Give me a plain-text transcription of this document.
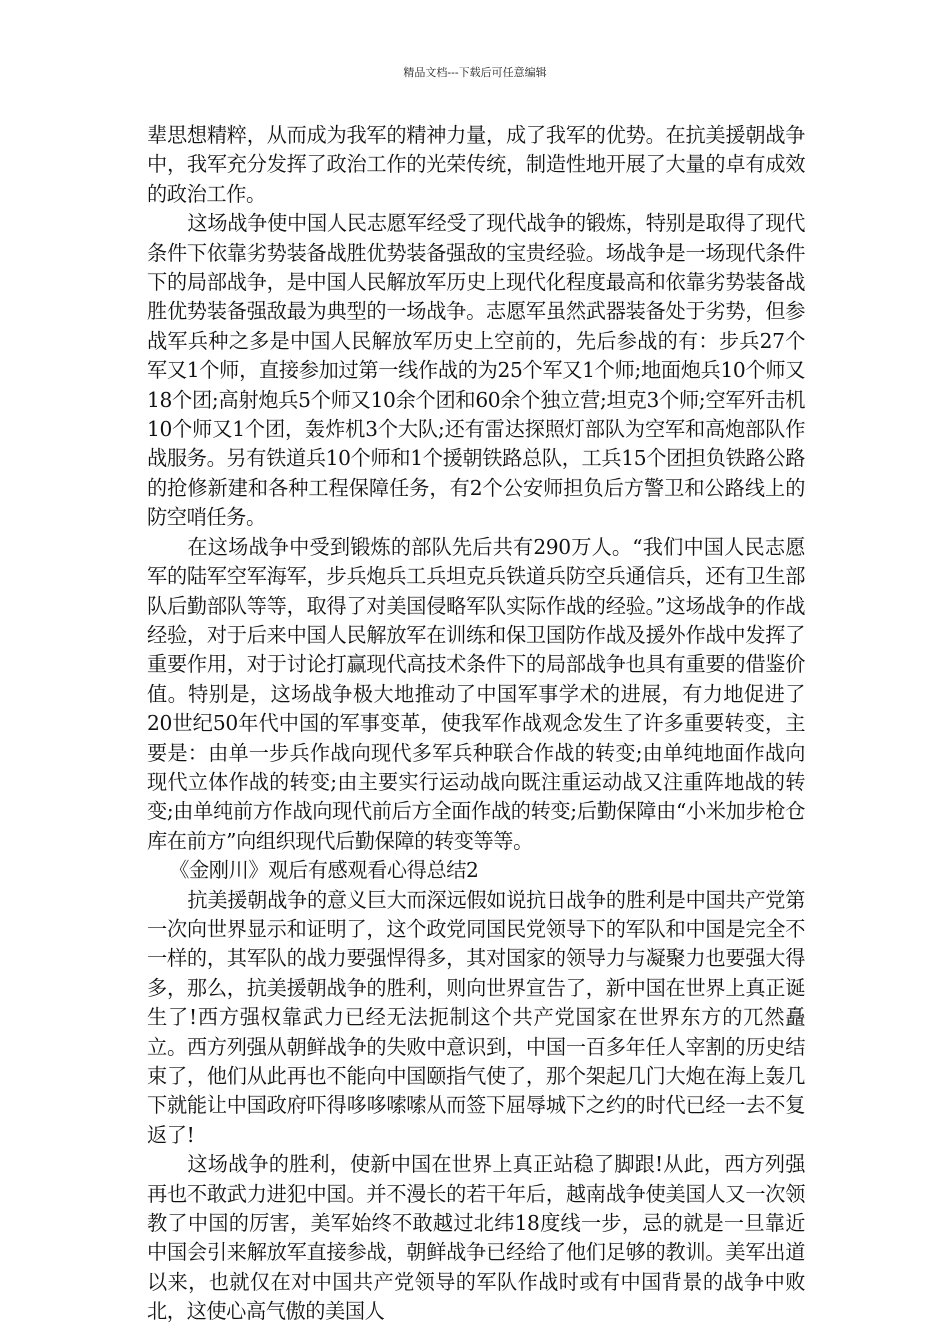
精品文档---下载后可任意编辑

辈思想精粹，从而成为我军的精神力量，成了我军的优势。在抗美援朝战争中，我军充分发挥了政治工作的光荣传统，制造性地开展了大量的卓有成效的政治工作。

这场战争使中国人民志愿军经受了现代战争的锻炼，特别是取得了现代条件下依靠劣势装备战胜优势装备强敌的宝贵经验。场战争是一场现代条件下的局部战争，是中国人民解放军历史上现代化程度最高和依靠劣势装备战胜优势装备强敌最为典型的一场战争。志愿军虽然武器装备处于劣势，但参战军兵种之多是中国人民解放军历史上空前的，先后参战的有：步兵27个军又1个师，直接参加过第一线作战的为25个军又1个师;地面炮兵10个师又18个团;高射炮兵5个师又10余个团和60余个独立营;坦克3个师;空军歼击机10个师又1个团，轰炸机3个大队;还有雷达探照灯部队为空军和高炮部队作战服务。另有铁道兵10个师和1个援朝铁路总队，工兵15个团担负铁路公路的抢修新建和各种工程保障任务，有2个公安师担负后方警卫和公路线上的防空哨任务。

在这场战争中受到锻炼的部队先后共有290万人。“我们中国人民志愿军的陆军空军海军，步兵炮兵工兵坦克兵铁道兵防空兵通信兵，还有卫生部队后勤部队等等，取得了对美国侵略军队实际作战的经验。”这场战争的作战经验，对于后来中国人民解放军在训练和保卫国防作战及援外作战中发挥了重要作用，对于讨论打赢现代高技术条件下的局部战争也具有重要的借鉴价值。特别是，这场战争极大地推动了中国军事学术的进展，有力地促进了20世纪50年代中国的军事变革，使我军作战观念发生了许多重要转变，主要是：由单一步兵作战向现代多军兵种联合作战的转变;由单纯地面作战向现代立体作战的转变;由主要实行运动战向既注重运动战又注重阵地战的转变;由单纯前方作战向现代前后方全面作战的转变;后勤保障由“小米加步枪仓库在前方”向组织现代后勤保障的转变等等。

《金刚川》观后有感观看心得总结2

抗美援朝战争的意义巨大而深远假如说抗日战争的胜利是中国共产党第一次向世界显示和证明了，这个政党同国民党领导下的军队和中国是完全不一样的，其军队的战力要强悍得多，其对国家的领导力与凝聚力也要强大得多，那么，抗美援朝战争的胜利，则向世界宣告了，新中国在世界上真正诞生了!西方强权靠武力已经无法扼制这个共产党国家在世界东方的兀然矗立。西方列强从朝鲜战争的失败中意识到，中国一百多年任人宰割的历史结束了，他们从此再也不能向中国颐指气使了，那个架起几门大炮在海上轰几下就能让中国政府吓得哆哆嗦嗦从而签下屈辱城下之约的时代已经一去不复返了!

这场战争的胜利，使新中国在世界上真正站稳了脚跟!从此，西方列强再也不敢武力进犯中国。并不漫长的若干年后，越南战争使美国人又一次领教了中国的厉害，美军始终不敢越过北纬18度线一步，忌的就是一旦靠近中国会引来解放军直接参战，朝鲜战争已经给了他们足够的教训。美军出道以来，也就仅在对中国共产党领导的军队作战时或有中国背景的战争中败北，这使心高气傲的美国人
